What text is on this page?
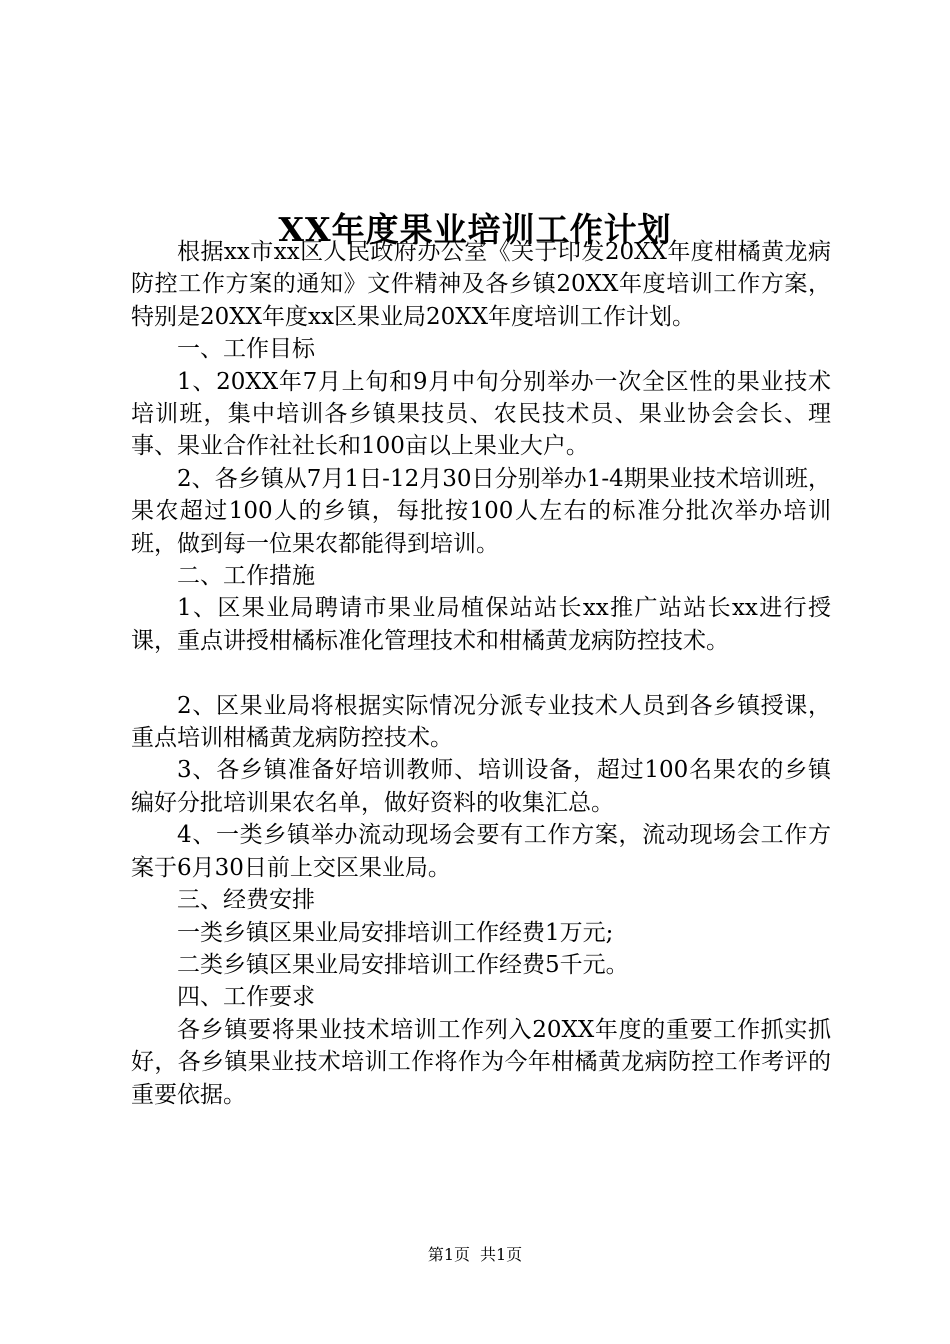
XX年度果业培训工作计划

根据xx市xx区人民政府办公室《关于印发20XX年度柑橘黄龙病防控工作方案的通知》文件精神及各乡镇20XX年度培训工作方案，特别是20XX年度xx区果业局20XX年度培训工作计划。

一、工作目标

1、20XX年7月上旬和9月中旬分别举办一次全区性的果业技术培训班，集中培训各乡镇果技员、农民技术员、果业协会会长、理事、果业合作社社长和100亩以上果业大户。

2、各乡镇从7月1日-12月30日分别举办1-4期果业技术培训班，果农超过100人的乡镇，每批按100人左右的标准分批次举办培训班，做到每一位果农都能得到培训。

二、工作措施

1、区果业局聘请市果业局植保站站长xx推广站站长xx进行授课，重点讲授柑橘标准化管理技术和柑橘黄龙病防控技术。

2、区果业局将根据实际情况分派专业技术人员到各乡镇授课，重点培训柑橘黄龙病防控技术。

3、各乡镇准备好培训教师、培训设备，超过100名果农的乡镇编好分批培训果农名单，做好资料的收集汇总。

4、一类乡镇举办流动现场会要有工作方案，流动现场会工作方案于6月30日前上交区果业局。

三、经费安排

一类乡镇区果业局安排培训工作经费1万元;

二类乡镇区果业局安排培训工作经费5千元。

四、工作要求

各乡镇要将果业技术培训工作列入20XX年度的重要工作抓实抓好，各乡镇果业技术培训工作将作为今年柑橘黄龙病防控工作考评的重要依据。

第1页 共1页
